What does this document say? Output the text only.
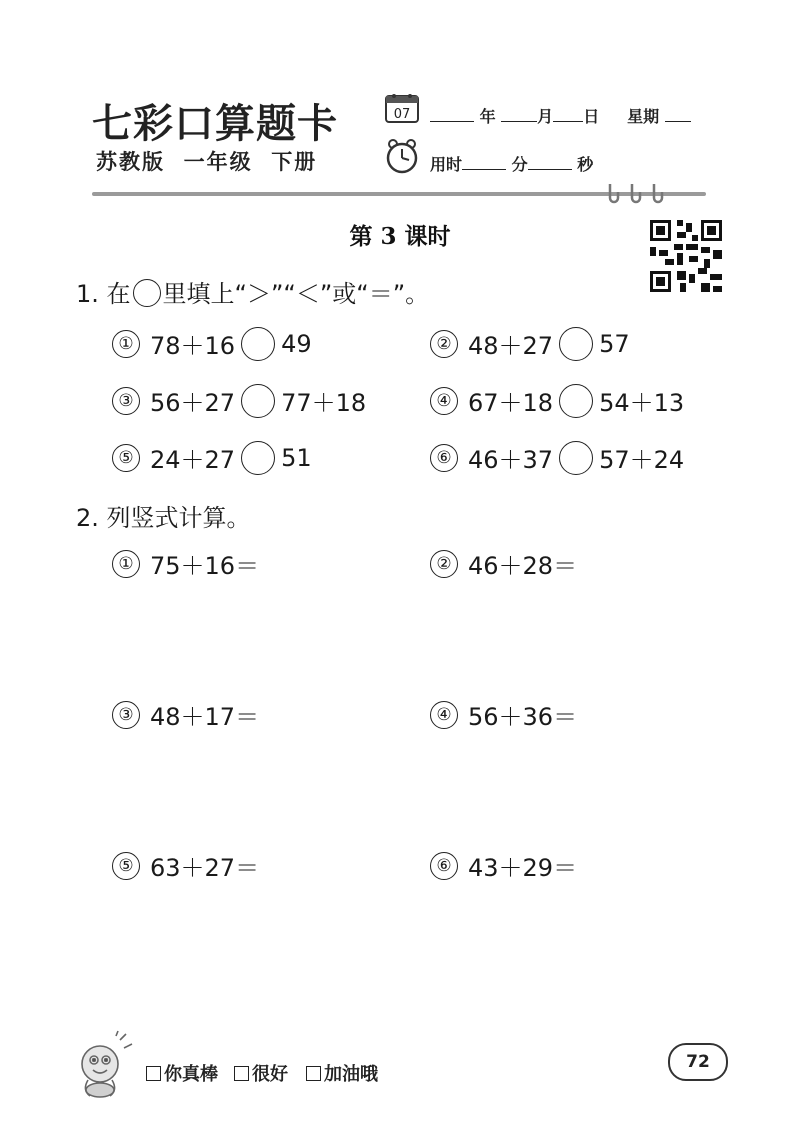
七彩口算题卡
苏教版  一年级  下册
07	年	月 日 星期
用时	分	秒
第 3 课时
1. 在 里填上“＞”“＜”或“＝”。
① 78＋16 49	② 48＋27 57
③ 56＋27 77＋18	④ 67＋18 54＋13
⑤ 24＋27 51	⑥ 46＋37 57＋24
2. 列竖式计算。
① 75＋16＝	② 46＋28＝
③ 48＋17＝	④ 56＋36＝
⑤ 63＋27＝	⑥ 43＋29＝
你真棒 很好 加油哦
72
